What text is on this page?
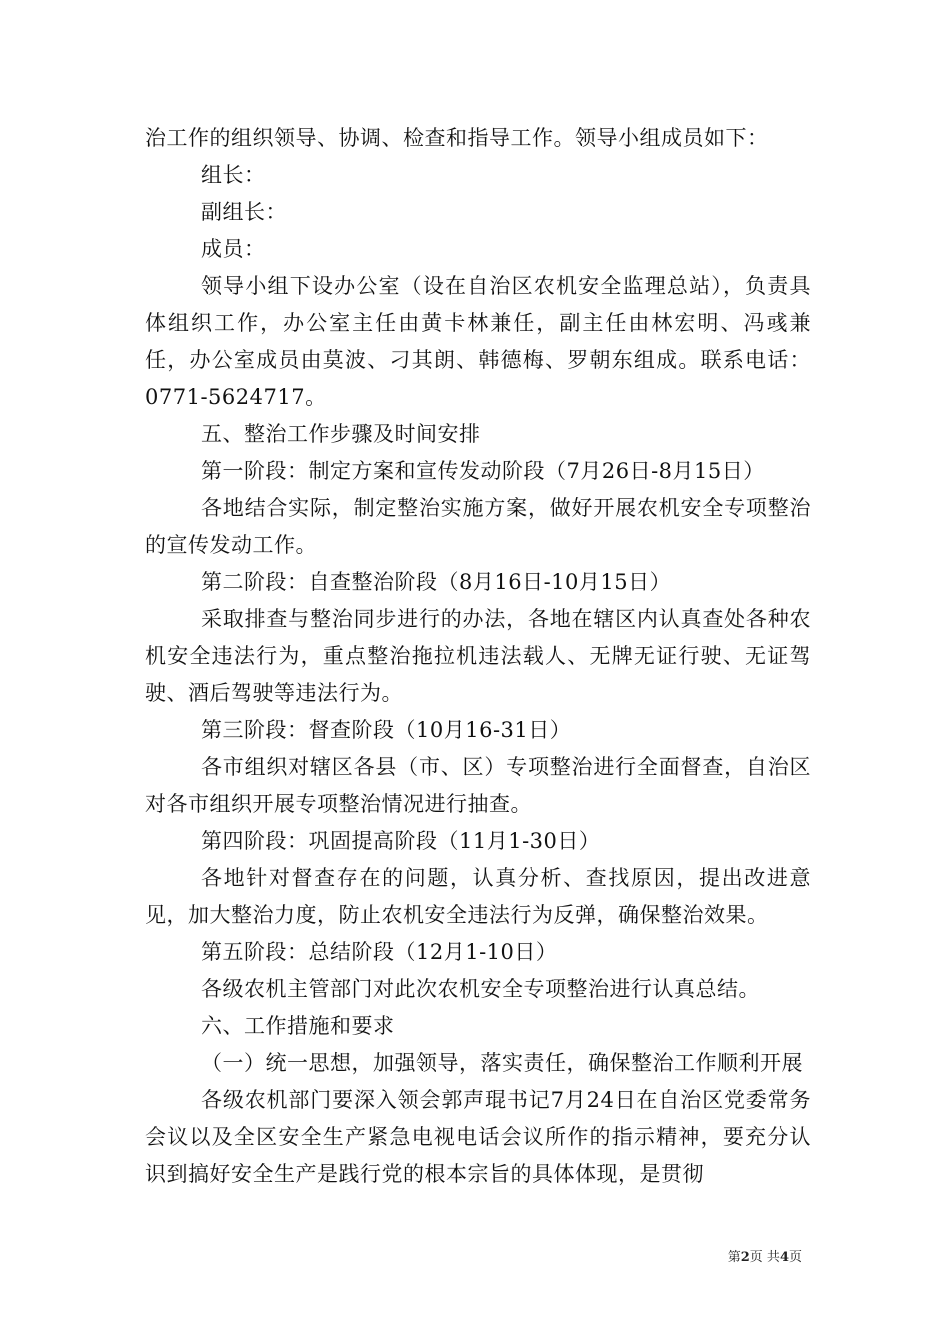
治工作的组织领导、协调、检查和指导工作。领导小组成员如下：

组长：

副组长：

成员：

领导小组下设办公室（设在自治区农机安全监理总站），负责具体组织工作，办公室主任由黄卡林兼任，副主任由林宏明、冯彧兼任，办公室成员由莫波、刁其朗、韩德梅、罗朝东组成。联系电话：0771-5624717。

五、整治工作步骤及时间安排

第一阶段：制定方案和宣传发动阶段（7月26日-8月15日）

各地结合实际，制定整治实施方案，做好开展农机安全专项整治的宣传发动工作。

第二阶段：自查整治阶段（8月16日-10月15日）

采取排查与整治同步进行的办法，各地在辖区内认真查处各种农机安全违法行为，重点整治拖拉机违法载人、无牌无证行驶、无证驾驶、酒后驾驶等违法行为。

第三阶段：督查阶段（10月16-31日）

各市组织对辖区各县（市、区）专项整治进行全面督查，自治区对各市组织开展专项整治情况进行抽查。

第四阶段：巩固提高阶段（11月1-30日）

各地针对督查存在的问题，认真分析、查找原因，提出改进意见，加大整治力度，防止农机安全违法行为反弹，确保整治效果。

第五阶段：总结阶段（12月1-10日）

各级农机主管部门对此次农机安全专项整治进行认真总结。

六、工作措施和要求

（一）统一思想，加强领导，落实责任，确保整治工作顺利开展

各级农机部门要深入领会郭声琨书记7月24日在自治区党委常务会议以及全区安全生产紧急电视电话会议所作的指示精神，要充分认识到搞好安全生产是践行党的根本宗旨的具体体现，是贯彻

第2页 共4页
